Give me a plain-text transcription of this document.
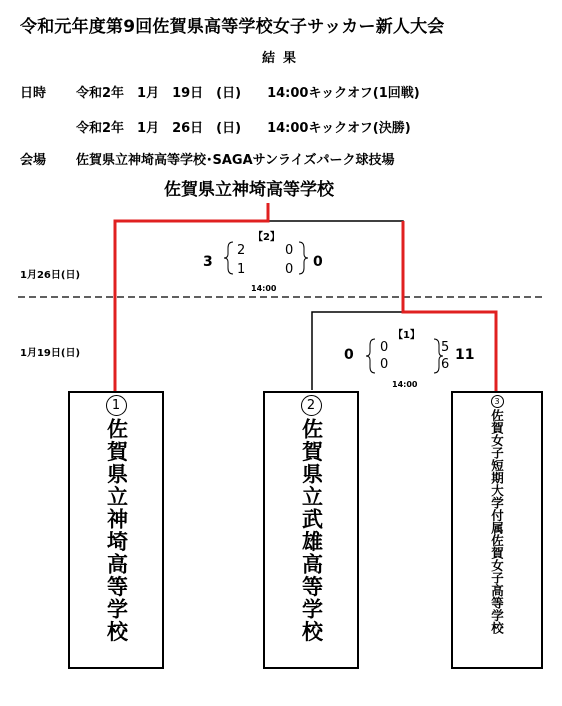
令和元年度第9回佐賀県高等学校女子サッカー新人大会
結果
日時 令和2年　1月　19日　(日)　　14:00キックオフ(1回戦)
令和2年　1月　26日　(日)　　14:00キックオフ(決勝)
会場 佐賀県立神埼高等学校･SAGAサンライズパーク球技場
佐賀県立神埼高等学校
1月26日(日)
1月19日(日)
【2】
3
2
1
0
0 0
14:00
【1】
0 0
0
5
6
11
14:00
1
佐賀県立神埼高等学校
2
佐賀県立武雄高等学校
3
佐賀女子短期大学付属佐賀女子高等学校
